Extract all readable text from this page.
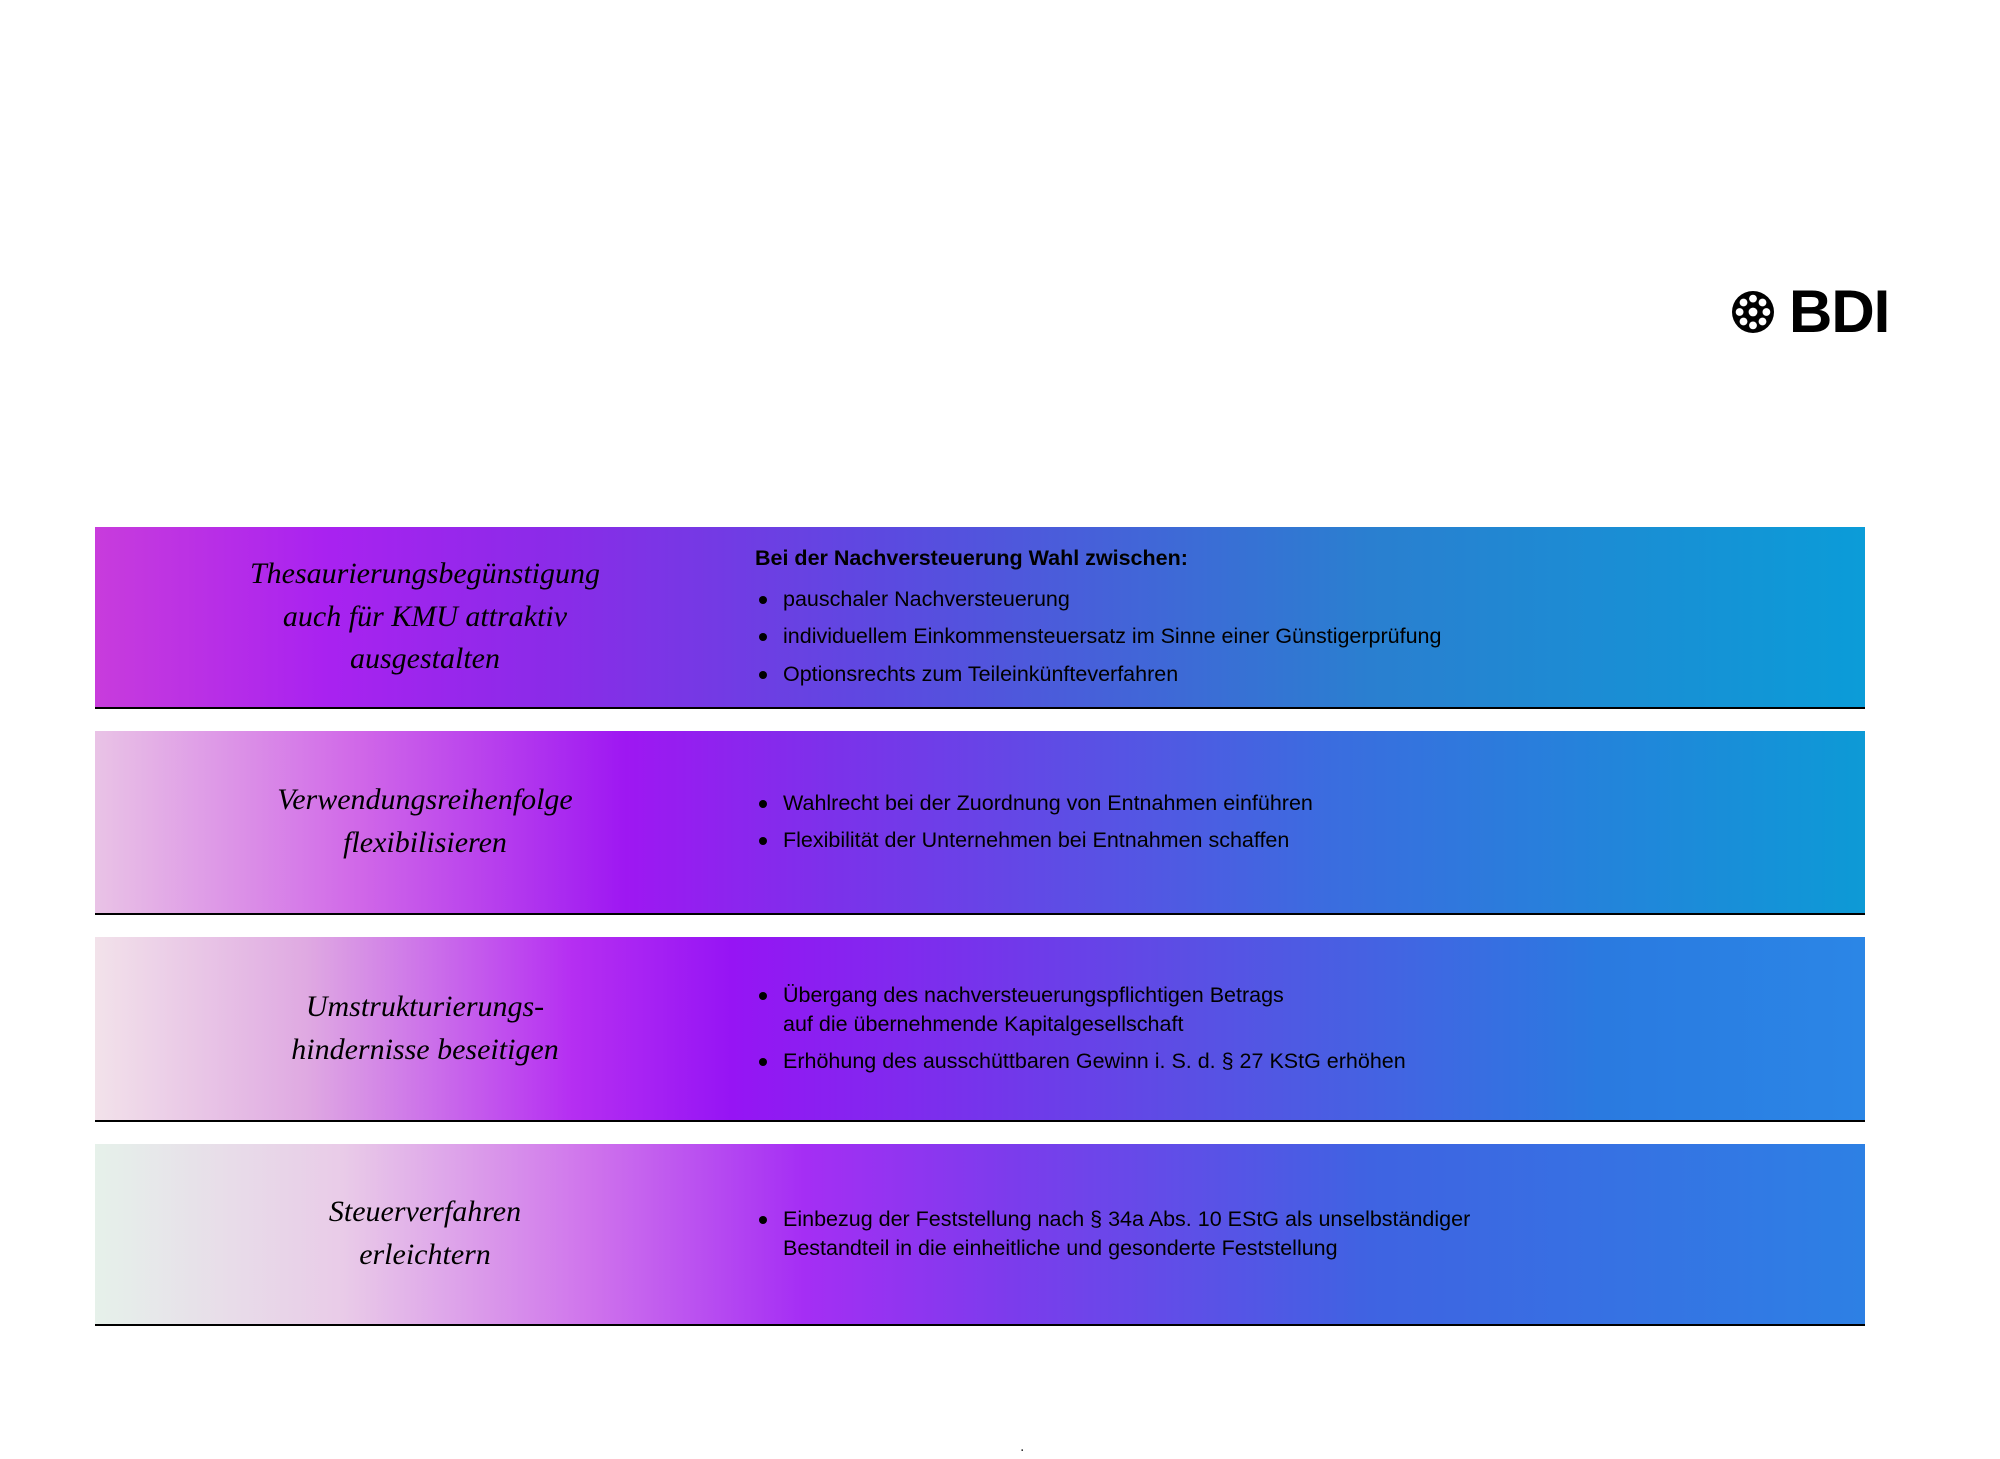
BDI
Thesaurierungsbegünstigung
auch für KMU attraktiv
ausgestalten
Bei der Nachversteuerung Wahl zwischen:
pauschaler Nachversteuerung
individuellem Einkommensteuersatz im Sinne einer Günstigerprüfung
Optionsrechts zum Teileinkünfteverfahren
Verwendungsreihenfolge
flexibilisieren
Wahlrecht bei der Zuordnung von Entnahmen einführen
Flexibilität der Unternehmen bei Entnahmen schaffen
Umstrukturierungs-
hindernisse beseitigen
Übergang des nachversteuerungspflichtigen Betrags
auf die übernehmende Kapitalgesellschaft
Erhöhung des ausschüttbaren Gewinn i. S. d. § 27 KStG erhöhen
Steuerverfahren
erleichtern
Einbezug der Feststellung nach § 34a Abs. 10 EStG als unselbständiger
Bestandteil in die einheitliche und gesonderte Feststellung
.
